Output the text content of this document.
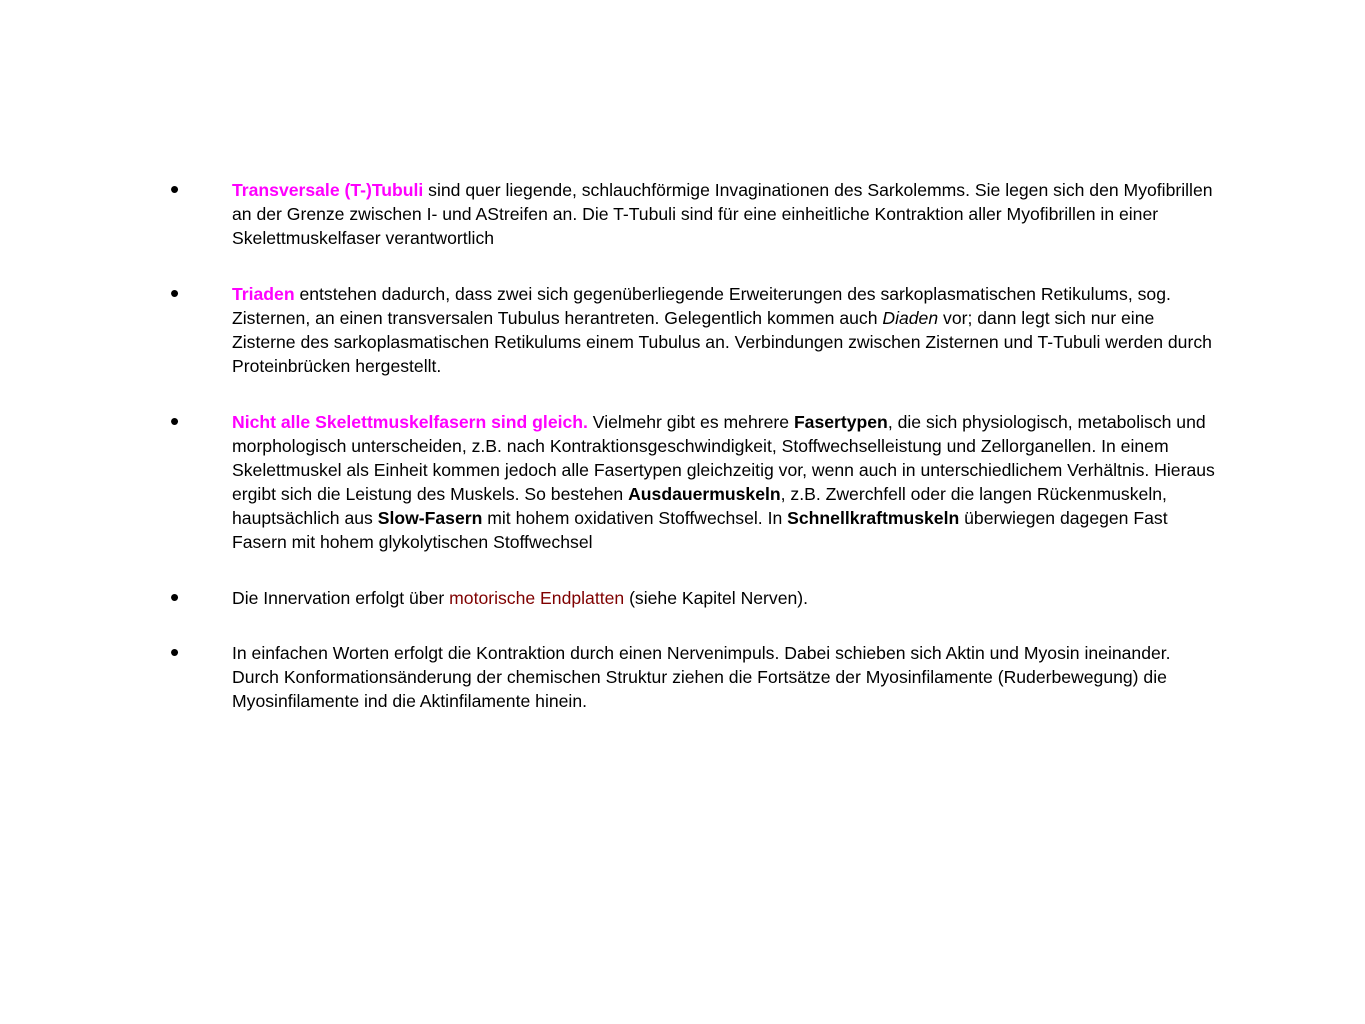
•	Transversale (T-)Tubuli sind quer liegende, schlauchförmige Invaginationen des Sarkolemms. Sie legen sich den Myofibrillen an der Grenze zwischen I- und AStreifen an. Die T-Tubuli sind für eine einheitliche Kontraktion aller Myofibrillen in einer Skelettmuskelfaser verantwortlich
•	Triaden entstehen dadurch, dass zwei sich gegenüberliegende Erweiterungen des sarkoplasmatischen Retikulums, sog. Zisternen, an einen transversalen Tubulus herantreten. Gelegentlich kommen auch Diaden vor; dann legt sich nur eine Zisterne des sarkoplasmatischen Retikulums einem Tubulus an. Verbindungen zwischen Zisternen und T-Tubuli werden durch Proteinbrücken hergestellt.
•	Nicht alle Skelettmuskelfasern sind gleich. Vielmehr gibt es mehrere Fasertypen, die sich physiologisch, metabolisch und morphologisch unterscheiden, z.B. nach Kontraktionsgeschwindigkeit, Stoffwechselleistung und Zellorganellen. In einem Skelettmuskel als Einheit kommen jedoch alle Fasertypen gleichzeitig vor, wenn auch in unterschiedlichem Verhältnis. Hieraus ergibt sich die Leistung des Muskels. So bestehen Ausdauermuskeln, z.B. Zwerchfell oder die langen Rückenmuskeln, hauptsächlich aus Slow-Fasern mit hohem oxidativen Stoffwechsel. In Schnellkraftmuskeln überwiegen dagegen Fast Fasern mit hohem glykolytischen Stoffwechsel
•	Die Innervation erfolgt über motorische Endplatten (siehe Kapitel Nerven).
•	In einfachen Worten erfolgt die Kontraktion durch einen Nervenimpuls. Dabei schieben sich Aktin und Myosin ineinander. Durch Konformationsänderung der chemischen Struktur ziehen die Fortsätze der Myosinfilamente (Ruderbewegung) die Myosinfilamente ind die Aktinfilamente hinein.
